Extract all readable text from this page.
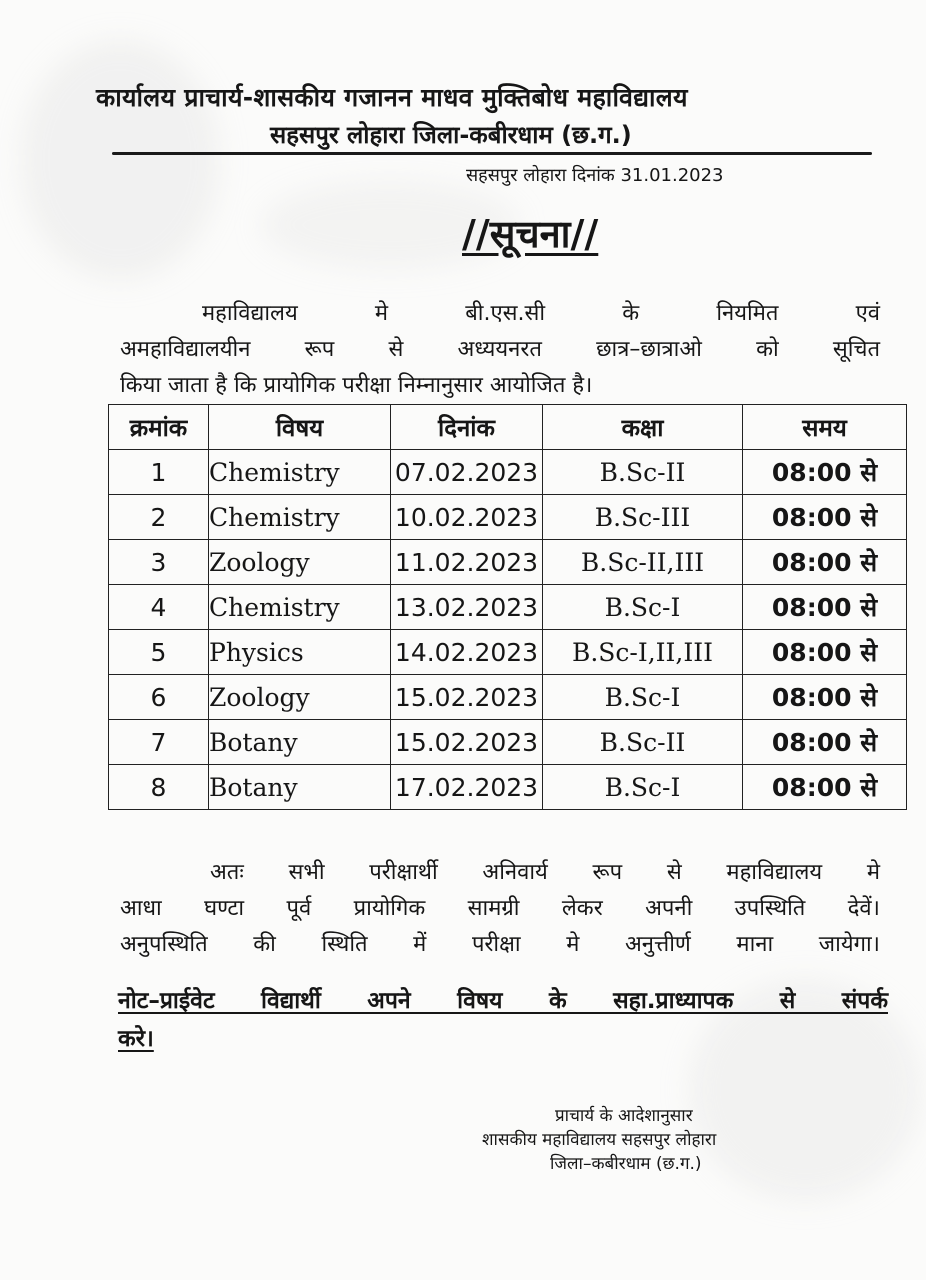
कार्यालय प्राचार्य-शासकीय गजानन माधव मुक्तिबोध महाविद्यालय
सहसपुर लोहारा जिला-कबीरधाम (छ.ग.)
सहसपुर लोहारा दिनांक 31.01.2023
//सूचना//
महाविद्यालय मे बी.एस.सी के नियमित एवं
अमहाविद्यालयीन रूप से अध्ययनरत छात्र–छात्राओ को सूचित
किया जाता है कि प्रायोगिक परीक्षा निम्नानुसार आयोजित है।
क्रमांक	विषय	दिनांक	कक्षा	समय
1	Chemistry	07.02.2023	B.Sc-II	08:00 से
2	Chemistry	10.02.2023	B.Sc-III	08:00 से
3	Zoology	11.02.2023	B.Sc-II,III	08:00 से
4	Chemistry	13.02.2023	B.Sc-I	08:00 से
5	Physics	14.02.2023	B.Sc-I,II,III	08:00 से
6	Zoology	15.02.2023	B.Sc-I	08:00 से
7	Botany	15.02.2023	B.Sc-II	08:00 से
8	Botany	17.02.2023	B.Sc-I	08:00 से
अतः सभी परीक्षार्थी अनिवार्य रूप से महाविद्यालय मे
आधा घण्टा पूर्व प्रायोगिक सामग्री लेकर अपनी उपस्थिति देवें।
अनुपस्थिति की स्थिति में परीक्षा मे अनुत्तीर्ण माना जायेगा।
नोट–प्राईवेट विद्यार्थी अपने विषय के सहा.प्राध्यापक से संपर्क
करे।
प्राचार्य के आदेशानुसार
शासकीय महाविद्यालय सहसपुर लोहारा
जिला–कबीरधाम (छ.ग.)
